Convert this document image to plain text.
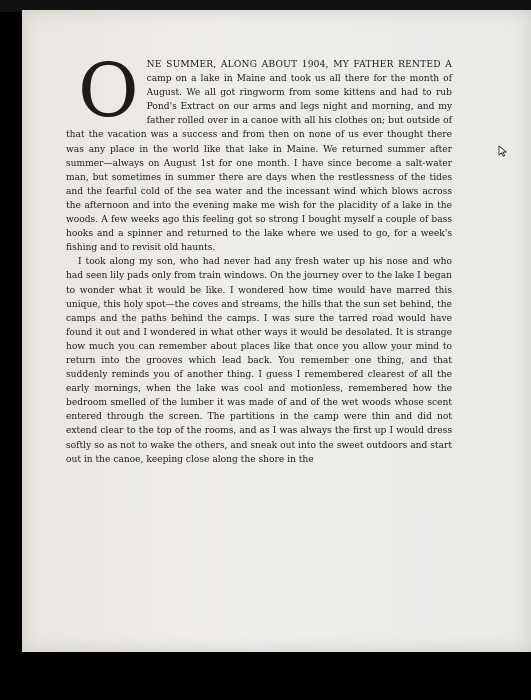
ONE SUMMER, ALONG ABOUT 1904, MY FATHER RENTED A camp on a lake in Maine and took us all there for the month of August. We all got ringworm from some kittens and had to rub Pond's Extract on our arms and legs night and morning, and my father rolled over in a canoe with all his clothes on; but outside of that the vacation was a success and from then on none of us ever thought there was any place in the world like that lake in Maine. We returned summer after summer—always on August 1st for one month. I have since become a salt-water man, but sometimes in summer there are days when the restlessness of the tides and the fearful cold of the sea water and the incessant wind which blows across the afternoon and into the evening make me wish for the placidity of a lake in the woods. A few weeks ago this feeling got so strong I bought myself a couple of bass hooks and a spinner and returned to the lake where we used to go, for a week's fishing and to revisit old haunts.

I took along my son, who had never had any fresh water up his nose and who had seen lily pads only from train windows. On the journey over to the lake I began to wonder what it would be like. I wondered how time would have marred this unique, this holy spot—the coves and streams, the hills that the sun set behind, the camps and the paths behind the camps. I was sure the tarred road would have found it out and I wondered in what other ways it would be desolated. It is strange how much you can remember about places like that once you allow your mind to return into the grooves which lead back. You remember one thing, and that suddenly reminds you of another thing. I guess I remembered clearest of all the early mornings, when the lake was cool and motionless, remembered how the bedroom smelled of the lumber it was made of and of the wet woods whose scent entered through the screen. The partitions in the camp were thin and did not extend clear to the top of the rooms, and as I was always the first up I would dress softly so as not to wake the others, and sneak out into the sweet outdoors and start out in the canoe, keeping close along the shore in the
